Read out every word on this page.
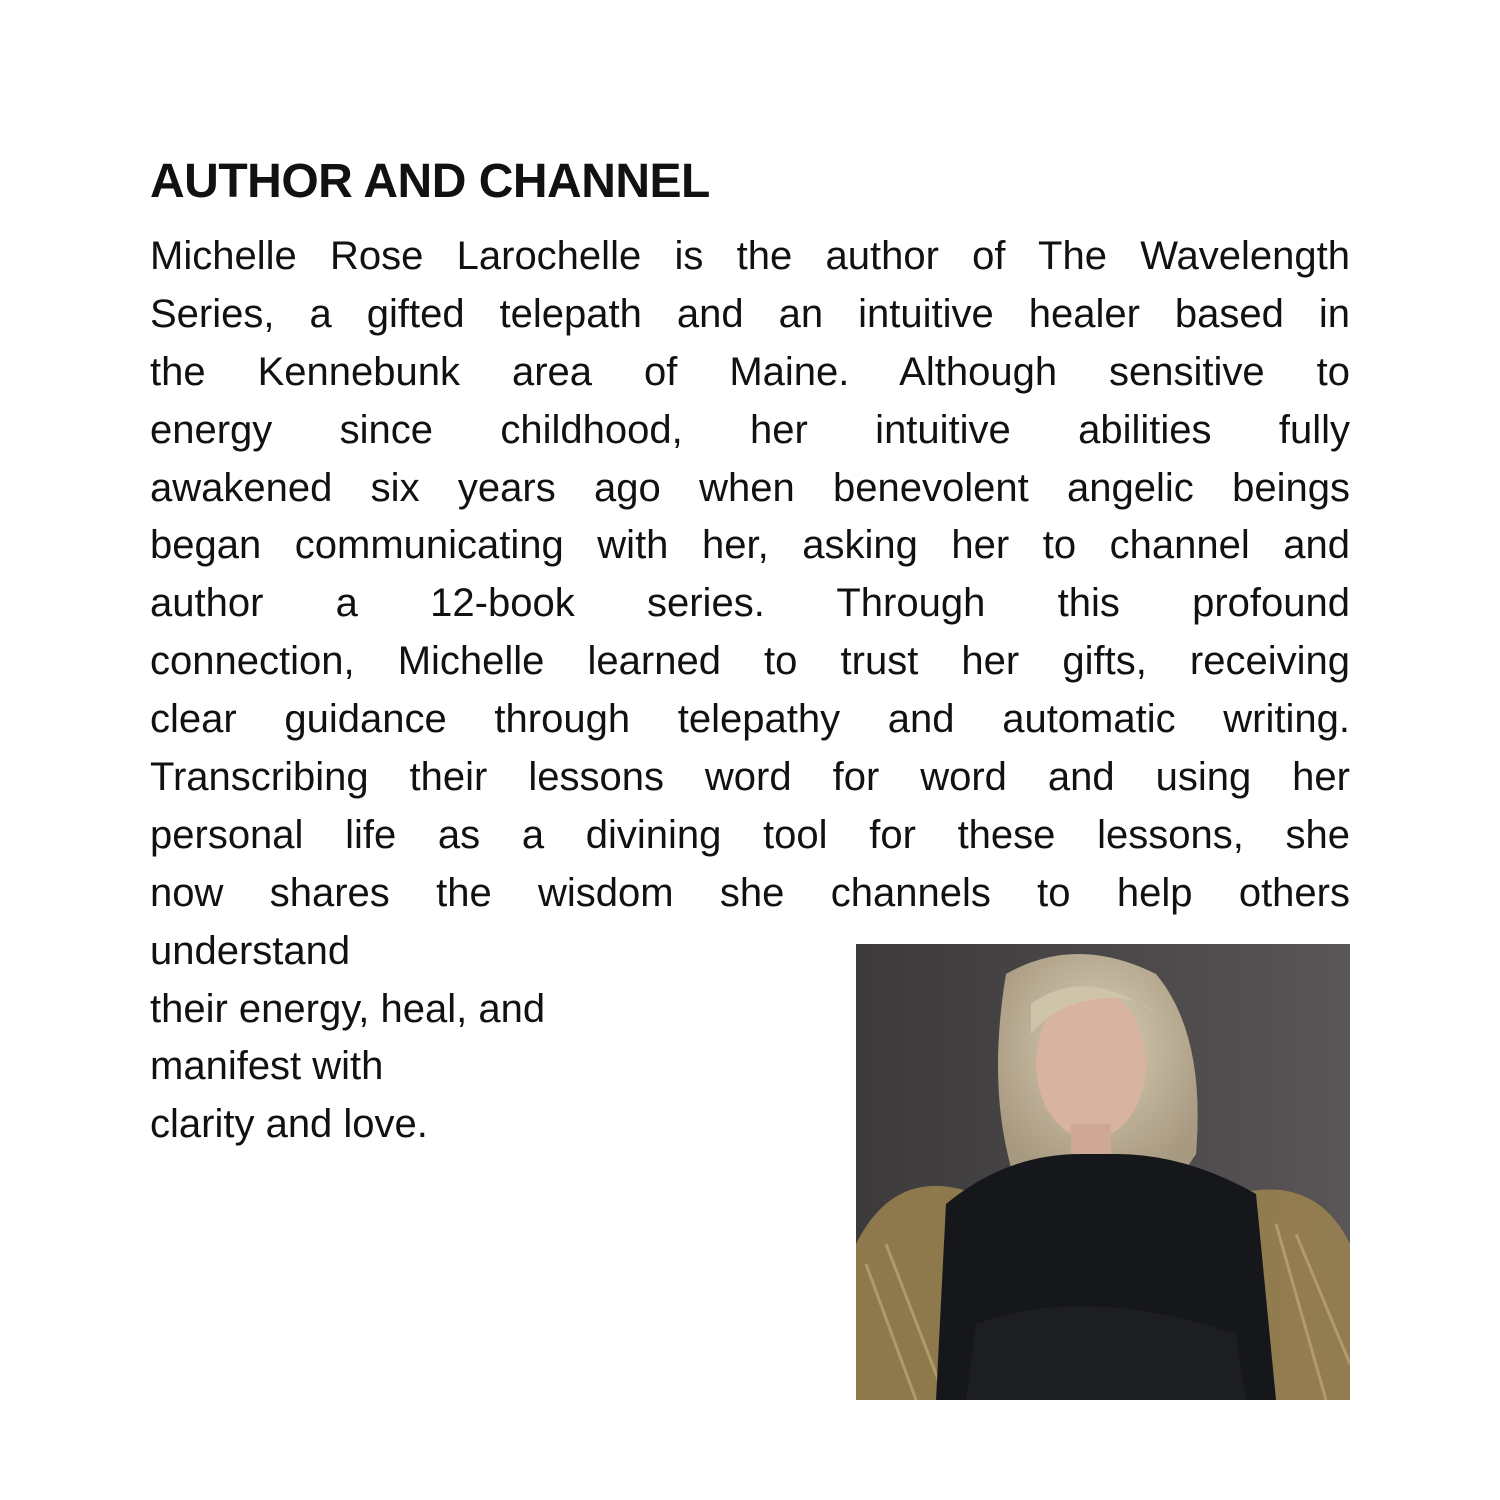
AUTHOR AND CHANNEL
Michelle Rose Larochelle is the author of The Wavelength
Series, a gifted telepath and an intuitive healer based in
the Kennebunk area of Maine. Although sensitive to
energy since childhood, her intuitive abilities fully
awakened six years ago when benevolent angelic beings
began communicating with her, asking her to channel and
author a 12-book series. Through this profound
connection, Michelle learned to trust her gifts, receiving
clear guidance through telepathy and automatic writing.
Transcribing their lessons word for word and using her
personal life as a divining tool for these lessons, she
now shares the wisdom she channels to help others
understand
their energy, heal, and
manifest with
clarity and love.
